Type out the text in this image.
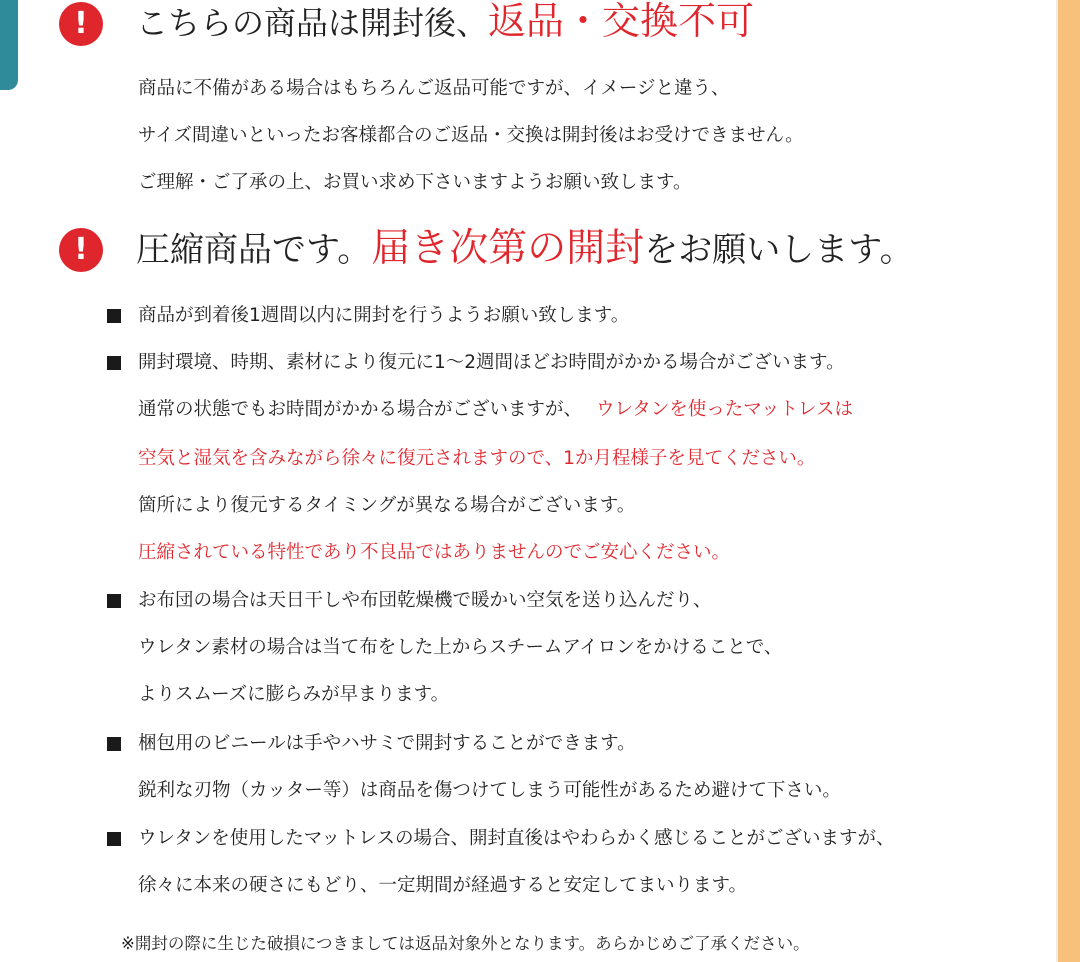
!	こちらの商品は開封後、返品・交換不可
商品に不備がある場合はもちろんご返品可能ですが、イメージと違う、
サイズ間違いといったお客様都合のご返品・交換は開封後はお受けできません。
ご理解・ご了承の上、お買い求め下さいますようお願い致します。
!	圧縮商品です。届き次第の開封をお願いします。
商品が到着後1週間以内に開封を行うようお願い致します。
開封環境、時期、素材により復元に1〜2週間ほどお時間がかかる場合がございます。
通常の状態でもお時間がかかる場合がございますが、 ウレタンを使ったマットレスは
空気と湿気を含みながら徐々に復元されますので、1か月程様子を見てください。
箇所により復元するタイミングが異なる場合がございます。
圧縮されている特性であり不良品ではありませんのでご安心ください。
お布団の場合は天日干しや布団乾燥機で暖かい空気を送り込んだり、
ウレタン素材の場合は当て布をした上からスチームアイロンをかけることで、
よりスムーズに膨らみが早まります。
梱包用のビニールは手やハサミで開封することができます。
鋭利な刃物（カッター等）は商品を傷つけてしまう可能性があるため避けて下さい。
ウレタンを使用したマットレスの場合、開封直後はやわらかく感じることがございますが、
徐々に本来の硬さにもどり、一定期間が経過すると安定してまいります。
※開封の際に生じた破損につきましては返品対象外となります。あらかじめご了承ください。
